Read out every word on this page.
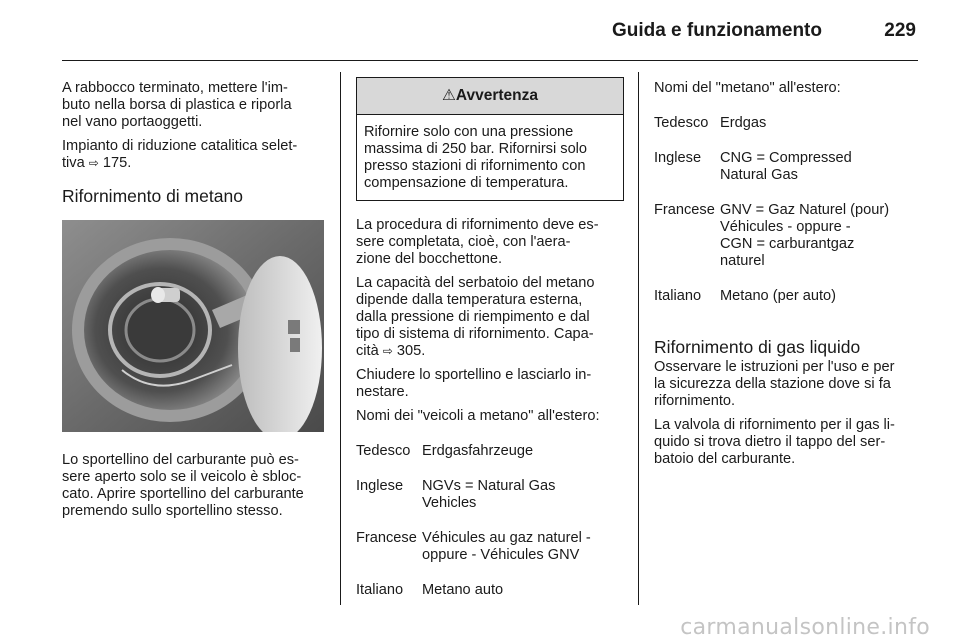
Guida e funzionamento	229

A rabbocco terminato, mettere l'im-
buto nella borsa di plastica e riporla
nel vano portaoggetti.

Impianto di riduzione catalitica selet-
tiva ⇨ 175.

Rifornimento di metano

Lo sportellino del carburante può es-
sere aperto solo se il veicolo è sbloc-
cato. Aprire sportellino del carburante
premendo sullo sportellino stesso.

⚠Avvertenza
Rifornire solo con una pressione
massima di 250 bar. Rifornirsi solo
presso stazioni di rifornimento con
compensazione di temperatura.

La procedura di rifornimento deve es-
sere completata, cioè, con l'aera-
zione del bocchettone.

La capacità del serbatoio del metano
dipende dalla temperatura esterna,
dalla pressione di riempimento e dal
tipo di sistema di rifornimento. Capa-
cità ⇨ 305.

Chiudere lo sportellino e lasciarlo in-
nestare.

Nomi dei "veicoli a metano" all'estero:

Tedesco	Erdgasfahrzeuge
Inglese	NGVs = Natural Gas
Vehicles
Francese	Véhicules au gaz naturel -
oppure - Véhicules GNV
Italiano	Metano auto

Nomi del "metano" all'estero:

Tedesco	Erdgas
Inglese	CNG = Compressed
Natural Gas
Francese	GNV = Gaz Naturel (pour)
Véhicules - oppure -
CGN = carburantgaz
naturel
Italiano	Metano (per auto)
Rifornimento di gas liquido

Osservare le istruzioni per l'uso e per
la sicurezza della stazione dove si fa
rifornimento.

La valvola di rifornimento per il gas li-
quido si trova dietro il tappo del ser-
batoio del carburante.

carmanualsonline.info
